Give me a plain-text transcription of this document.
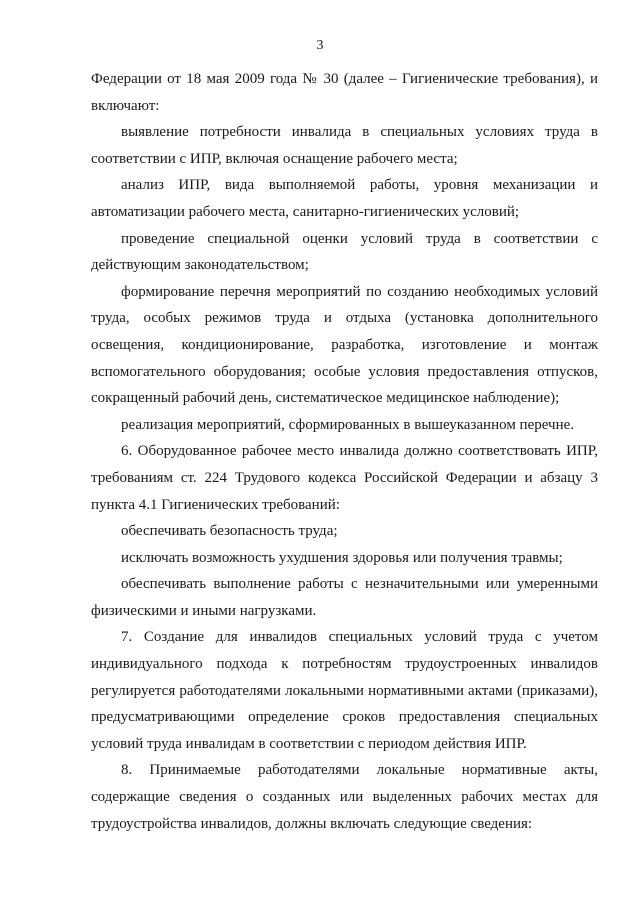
3

Федерации от 18 мая 2009 года № 30 (далее – Гигиенические требования), и включают:

выявление потребности инвалида в специальных условиях труда в соответствии с ИПР, включая оснащение рабочего места;

анализ ИПР, вида выполняемой работы, уровня механизации и автоматизации рабочего места, санитарно-гигиенических условий;

проведение специальной оценки условий труда в соответствии с действующим законодательством;

формирование перечня мероприятий по созданию необходимых условий труда, особых режимов труда и отдыха (установка дополнительного освещения, кондиционирование, разработка, изготовление и монтаж вспомогательного оборудования; особые условия предоставления отпусков, сокращенный рабочий день, систематическое медицинское наблюдение);

реализация мероприятий, сформированных в вышеуказанном перечне.

6. Оборудованное рабочее место инвалида должно соответствовать ИПР, требованиям ст. 224 Трудового кодекса Российской Федерации и абзацу 3 пункта 4.1 Гигиенических требований:

обеспечивать безопасность труда;

исключать возможность ухудшения здоровья или получения травмы;

обеспечивать выполнение работы с незначительными или умеренными физическими и иными нагрузками.

7. Создание для инвалидов специальных условий труда с учетом индивидуального подхода к потребностям трудоустроенных инвалидов регулируется работодателями локальными нормативными актами (приказами), предусматривающими определение сроков предоставления специальных условий труда инвалидам в соответствии с периодом действия ИПР.

8. Принимаемые работодателями локальные нормативные акты, содержащие сведения о созданных или выделенных рабочих местах для трудоустройства инвалидов, должны включать следующие сведения:
